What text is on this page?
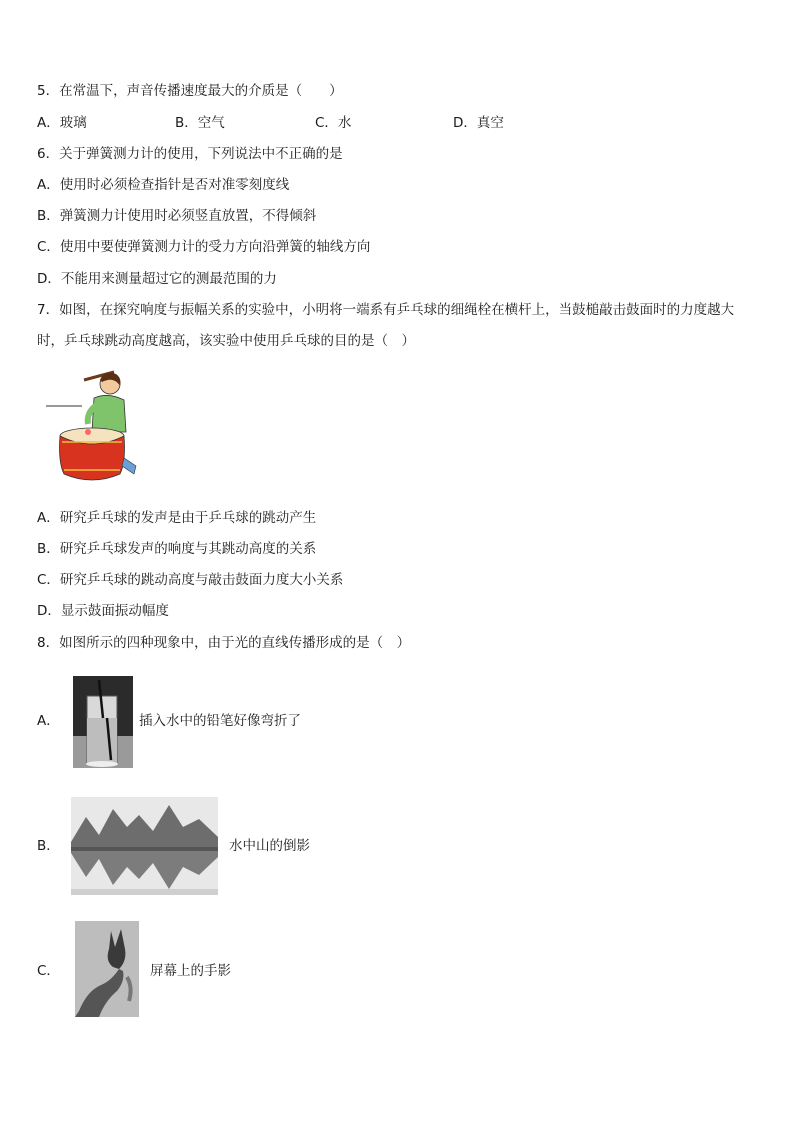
5．在常温下，声音传播速度最大的介质是（　　）
A．玻璃	B．空气	C．水	D．真空
6．关于弹簧测力计的使用，下列说法中不正确的是
A．使用时必须检查指针是否对准零刻度线
B．弹簧测力计使用时必须竖直放置，不得倾斜
C．使用中要使弹簧测力计的受力方向沿弹簧的轴线方向
D．不能用来测量超过它的测最范围的力
7．如图，在探究响度与振幅关系的实验中，小明将一端系有乒乓球的细绳栓在横杆上，当鼓槌敲击鼓面时的力度越大
时，乒乓球跳动高度越高，该实验中使用乒乓球的目的是（　）
A．研究乒乓球的发声是由于乒乓球的跳动产生
B．研究乒乓球发声的响度与其跳动高度的关系
C．研究乒乓球的跳动高度与敲击鼓面力度大小关系
D．显示鼓面振动幅度
8．如图所示的四种现象中，由于光的直线传播形成的是（　）
A．	插入水中的铅笔好像弯折了
B．	水中山的倒影
C．	屏幕上的手影
